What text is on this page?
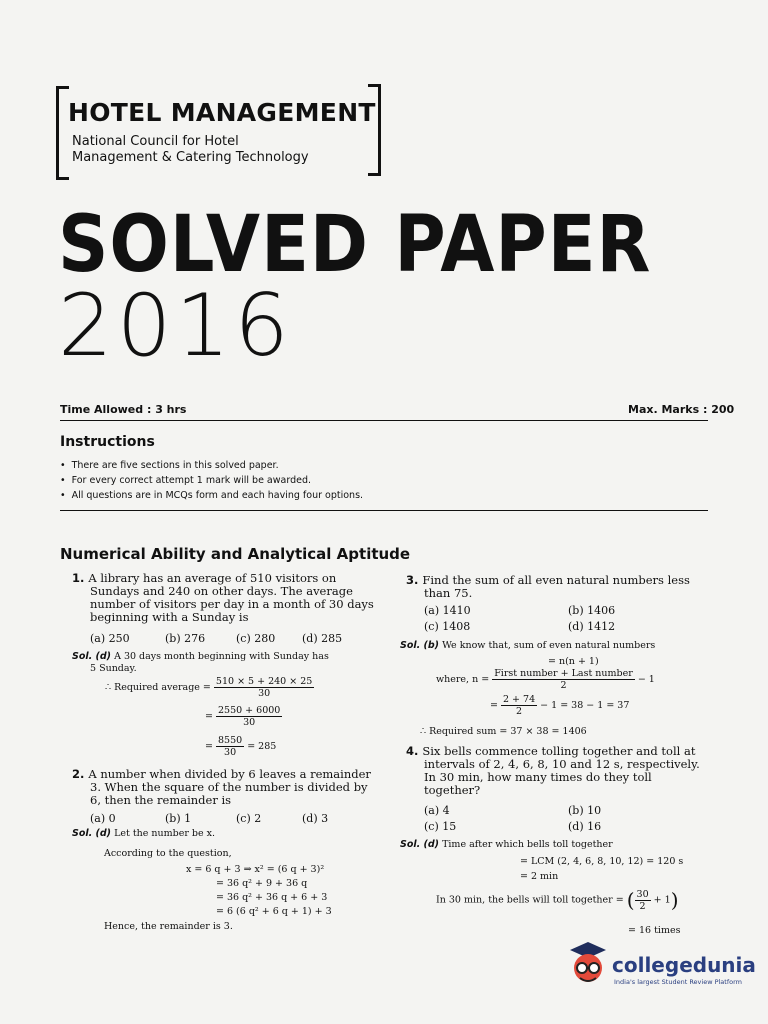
HOTEL MANAGEMENT
National Council for Hotel
Management & Catering Technology
SOLVED PAPER
2016
Time Allowed : 3 hrs	Max. Marks : 200
Instructions
• There are five sections in this solved paper.
• For every correct attempt 1 mark will be awarded.
• All questions are in MCQs form and each having four options.
Numerical Ability and Analytical Aptitude
1. A library has an average of 510 visitors on
Sundays and 240 on other days. The average
number of visitors per day in a month of 30 days
beginning with a Sunday is
(a) 250	(b) 276	(c) 280 (d) 285
Sol. (d) A 30 days month beginning with Sunday has
5 Sunday.
∴ Required average = $\frac{510 \times 5 + 240 \times 25}{30}$
= $\frac{2550 + 6000}{30}$
= $\frac{8550}{30} = 285$
2. A number when divided by 6 leaves a remainder
3. When the square of the number is divided by
6, then the remainder is
(a) 0	(b) 1	(c) 2	(d) 3
Sol. (d) Let the number be x.
According to the question,
x = 6 q + 3 ⇒ x² = (6 q + 3)²
= 36 q² + 9 + 36 q
= 36 q² + 36 q + 6 + 3
= 6 (6 q² + 6 q + 1) + 3
Hence, the remainder is 3.
3. Find the sum of all even natural numbers less
than 75.
(a) 1410	(b) 1406
(c) 1408	(d) 1412
Sol. (b) We know that, sum of even natural numbers
= n(n + 1)
where, $n = \frac{\text{First number + Last number}}{2} - 1$
= $\frac{2 + 74}{2} - 1 = 38 - 1 = 37$
∴ Required sum = 37 × 38 = 1406
4. Six bells commence tolling together and toll at
intervals of 2, 4, 6, 8, 10 and 12 s, respectively.
In 30 min, how many times do they toll
together?
(a) 4	(b) 10
(c) 15	(d) 16
Sol. (d) Time after which bells toll together
= LCM (2, 4, 6, 8, 10, 12) = 120 s
= 2 min
In 30 min, the bells will toll together = ( $\frac{30}{2} + 1$)
= 16 times
collegedunia
India's largest Student Review Platform
